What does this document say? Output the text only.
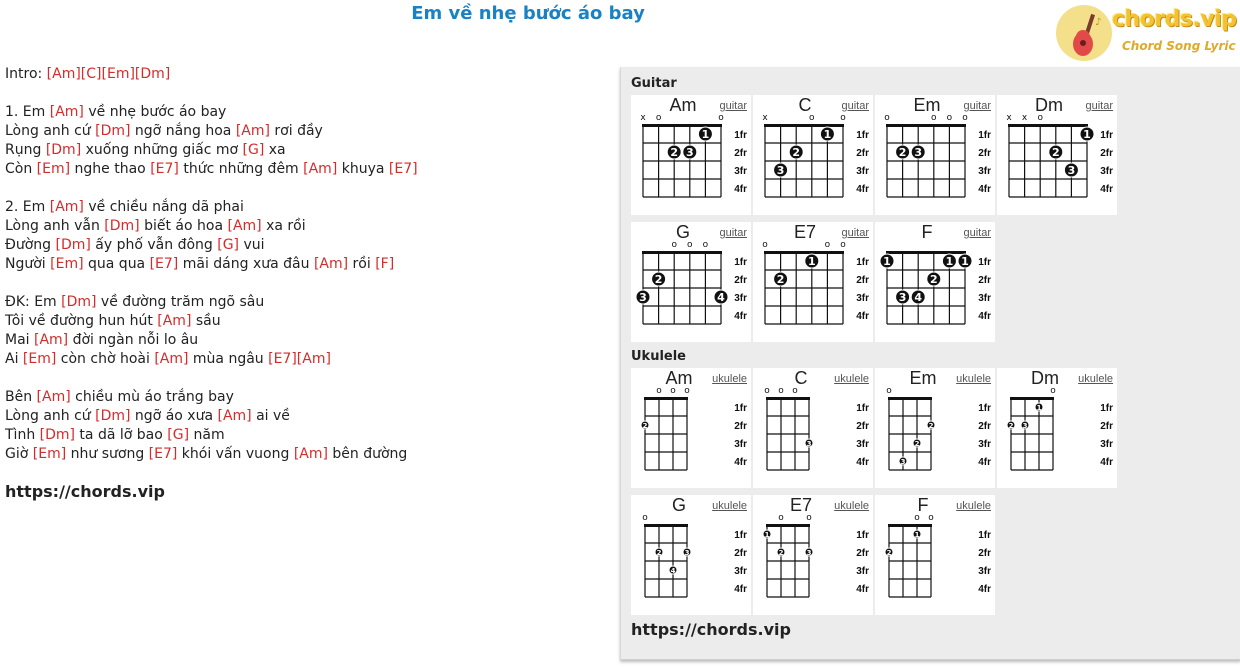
Em về nhẹ bước áo bay	♪ chords.vip
Chord Song Lyric
Intro: [Am][C][Em][Dm]

1. Em [Am] về nhẹ bước áo bay
Lòng anh cứ [Dm] ngỡ nắng hoa [Am] rơi đầy
Rụng [Dm] xuống những giấc mơ [G] xa
Còn [Em] nghe thao [E7] thức những đêm [Am] khuya [E7]

2. Em [Am] về chiều nắng dã phai
Lòng anh vẫn [Dm] biết áo hoa [Am] xa rồi
Đường [Dm] ấy phố vẫn đông [G] vui
Người [Em] qua qua [E7] mãi dáng xưa đâu [Am] rồi [F]

ĐK: Em [Dm] về đường trăm ngõ sâu
Tôi về đường hun hút [Am] sầu
Mai [Am] đời ngàn nỗi lo âu
Ai [Em] còn chờ hoài [Am] mùa ngâu [E7][Am]

Bên [Am] chiều mù áo trắng bay
Lòng anh cứ [Dm] ngỡ áo xưa [Am] ai về
Tình [Dm] ta dã lỡ bao [G] năm
Giờ [Em] như sương [E7] khói vấn vuong [Am] bên đường
https://chords.vip
Guitar
Ukulele
https://chords.vip
Am	guitar
x o	o
1
2 3
1fr
2fr
3fr
4fr
C	guitar
x	o	o
1
2
3
1fr
2fr
3fr
4fr
Em	guitar
o	o o o
2 3
1fr
2fr
3fr
4fr
Dm	guitar
x x o
1
2
3
1fr
2fr
3fr
4fr
G	guitar
o o o
2
3	4
1fr
2fr
3fr
4fr
E7	guitar
o	o o
1
2
1fr
2fr
3fr
4fr
F	guitar
1	1 1
2
3 4
1fr
2fr
3fr
4fr
Am	ukulele
o o o
2
1fr
2fr
3fr
4fr
C	ukulele
o o o
3
1fr
2fr
3fr
4fr
Em	ukulele
o
2
2
3
1fr
2fr
3fr
4fr
Dm	ukulele
o
1
2 3
1fr
2fr
3fr
4fr
G	ukulele
o
2	3
4
1fr
2fr
3fr
4fr
E7	ukulele
o o
1
2	3
1fr
2fr
3fr
4fr
F	ukulele
o o
1
2
1fr
2fr
3fr
4fr
